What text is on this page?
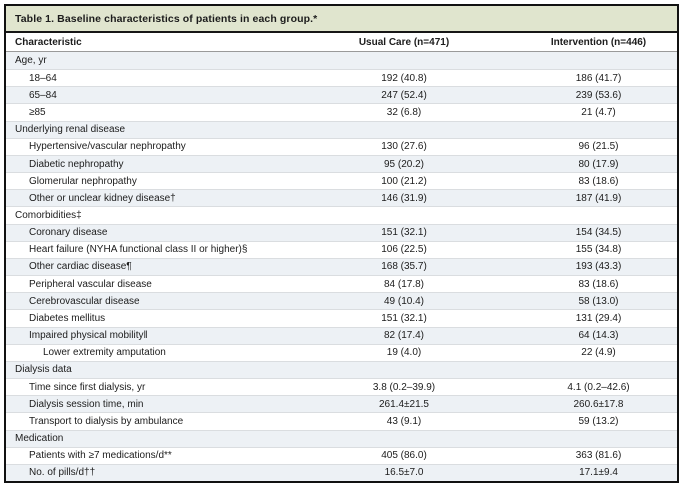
Table 1. Baseline characteristics of patients in each group.*
Characteristic	Usual Care (n=471)	Intervention (n=446)
Age, yr
18–64	192 (40.8)	186 (41.7)
65–84	247 (52.4)	239 (53.6)
≥85	32 (6.8)	21 (4.7)
Underlying renal disease
Hypertensive/vascular nephropathy	130 (27.6)	96 (21.5)
Diabetic nephropathy	95 (20.2)	80 (17.9)
Glomerular nephropathy	100 (21.2)	83 (18.6)
Other or unclear kidney disease†	146 (31.9)	187 (41.9)
Comorbidities‡
Coronary disease	151 (32.1)	154 (34.5)
Heart failure (NYHA functional class II or higher)§	106 (22.5)	155 (34.8)
Other cardiac disease¶	168 (35.7)	193 (43.3)
Peripheral vascular disease	84 (17.8)	83 (18.6)
Cerebrovascular disease	49 (10.4)	58 (13.0)
Diabetes mellitus	151 (32.1)	131 (29.4)
Impaired physical mobility‖	82 (17.4)	64 (14.3)
Lower extremity amputation	19 (4.0)	22 (4.9)
Dialysis data
Time since first dialysis, yr	3.8 (0.2–39.9)	4.1 (0.2–42.6)
Dialysis session time, min	261.4±21.5	260.6±17.8
Transport to dialysis by ambulance	43 (9.1)	59 (13.2)
Medication
Patients with ≥7 medications/d**	405 (86.0)	363 (81.6)
No. of pills/d††	16.5±7.0	17.1±9.4
